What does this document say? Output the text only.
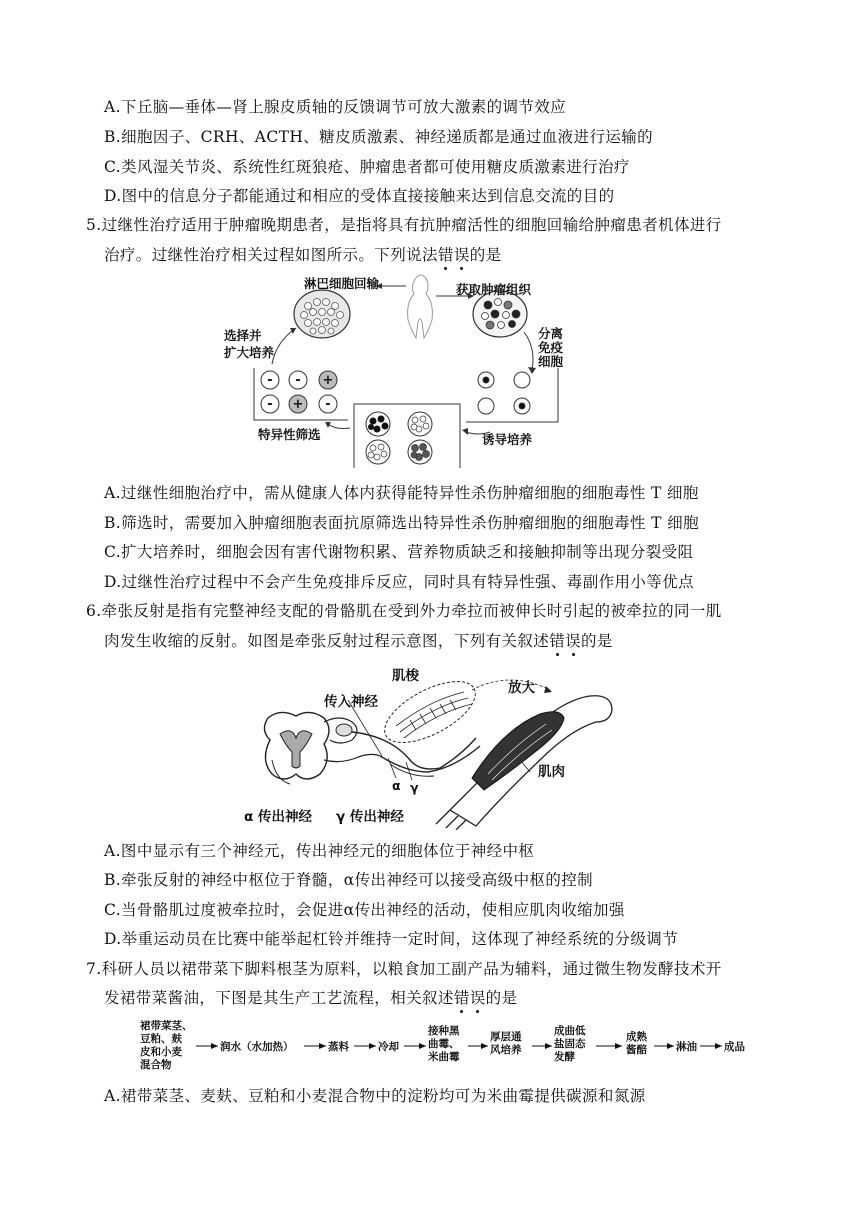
A.下丘脑—垂体—肾上腺皮质轴的反馈调节可放大激素的调节效应
B.细胞因子、CRH、ACTH、糖皮质激素、神经递质都是通过血液进行运输的
C.类风湿关节炎、系统性红斑狼疮、肿瘤患者都可使用糖皮质激素进行治疗
D.图中的信息分子都能通过和相应的受体直接接触来达到信息交流的目的
5.过继性治疗适用于肿瘤晚期患者，是指将具有抗肿瘤活性的细胞回输给肿瘤患者机体进行
治疗。过继性治疗相关过程如图所示。下列说法错误的是
淋巴细胞回输	获取肿瘤组织
选择并
扩大培养
分离
免疫
细胞
- - +
- + -
特异性筛选	诱导培养
A.过继性细胞治疗中，需从健康人体内获得能特异性杀伤肿瘤细胞的细胞毒性 T 细胞
B.筛选时，需要加入肿瘤细胞表面抗原筛选出特异性杀伤肿瘤细胞的细胞毒性 T 细胞
C.扩大培养时，细胞会因有害代谢物积累、营养物质缺乏和接触抑制等出现分裂受阻
D.过继性治疗过程中不会产生免疫排斥反应，同时具有特异性强、毒副作用小等优点
6.牵张反射是指有完整神经支配的骨骼肌在受到外力牵拉而被伸长时引起的被牵拉的同一肌
肉发生收缩的反射。如图是牵张反射过程示意图，下列有关叙述错误的是
肌梭
传入神经
放大
肌肉
α γ
α 传出神经 γ 传出神经
A.图中显示有三个神经元，传出神经元的细胞体位于神经中枢
B.牵张反射的神经中枢位于脊髓，α传出神经可以接受高级中枢的控制
C.当骨骼肌过度被牵拉时，会促进α传出神经的活动，使相应肌肉收缩加强
D.举重运动员在比赛中能举起杠铃并维持一定时间，这体现了神经系统的分级调节
7.科研人员以裙带菜下脚料根茎为原料，以粮食加工副产品为辅料，通过微生物发酵技术开
发裙带菜酱油，下图是其生产工艺流程，相关叙述错误的是
裙带菜茎、
豆粕、麸
皮和小麦
混合物
润水（水加热）	蒸料	冷却
接种黑
曲霉、
米曲霉
厚层通
风培养
成曲低
盐固态
发酵
成熟
酱醅	淋油	成品
A.裙带菜茎、麦麸、豆粕和小麦混合物中的淀粉均可为米曲霉提供碳源和氮源
